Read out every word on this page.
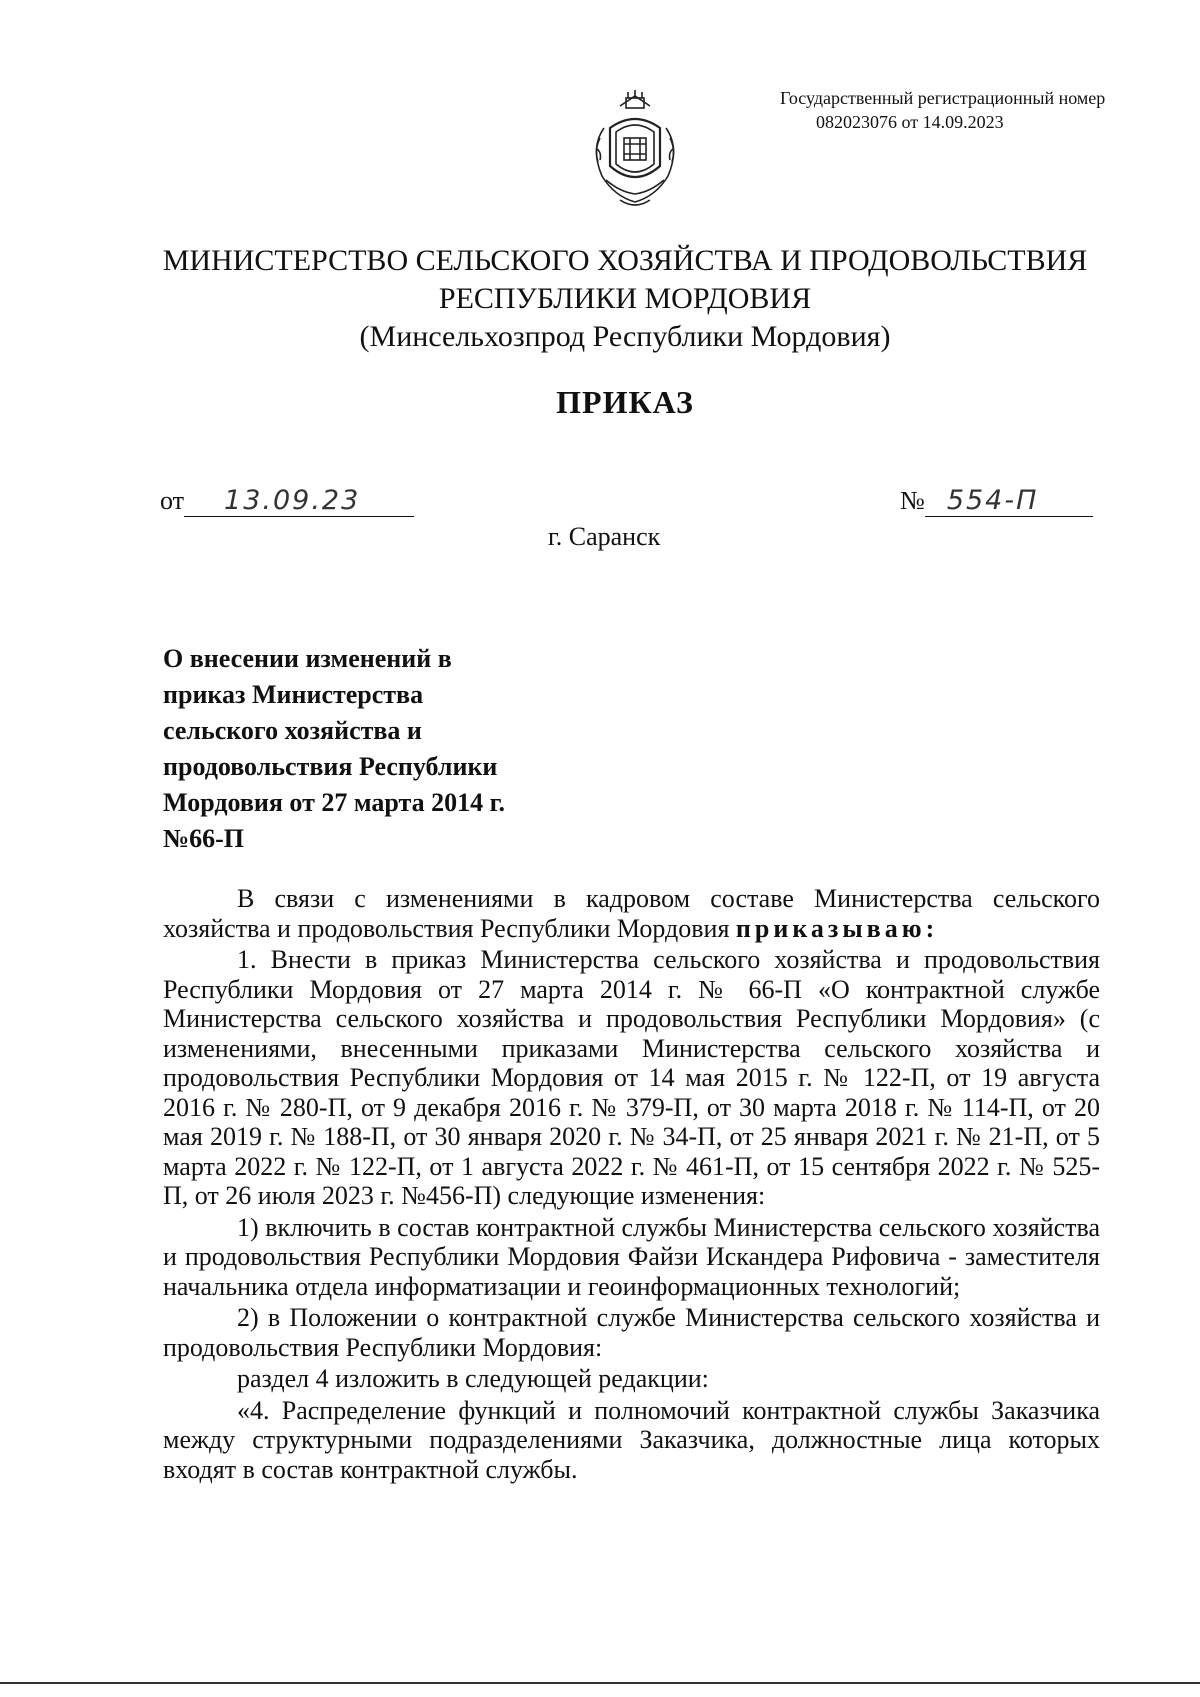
Государственный регистрационный номер
082023076 от 14.09.2023
МИНИСТЕРСТВО СЕЛЬСКОГО ХОЗЯЙСТВА И ПРОДОВОЛЬСТВИЯ
РЕСПУБЛИКИ МОРДОВИЯ
(Минсельхозпрод Республики Мордовия)
ПРИКАЗ
от 13.09.23	№ 554-П
г. Саранск
О внесении изменений в
приказ Министерства
сельского хозяйства и
продовольствия Республики
Мордовия от 27 марта 2014 г.
№66-П

В связи с изменениями в кадровом составе Министерства сельского хозяйства и продовольствия Республики Мордовия приказываю:

1. Внести в приказ Министерства сельского хозяйства и продовольствия Республики Мордовия от 27 марта 2014 г. № 66-П «О контрактной службе Министерства сельского хозяйства и продовольствия Республики Мордовия» (с изменениями, внесенными приказами Министерства сельского хозяйства и продовольствия Республики Мордовия от 14 мая 2015 г. № 122-П, от 19 августа 2016 г. № 280-П, от 9 декабря 2016 г. № 379-П, от 30 марта 2018 г. № 114-П, от 20 мая 2019 г. № 188-П, от 30 января 2020 г. № 34-П, от 25 января 2021 г. № 21-П, от 5 марта 2022 г. № 122-П, от 1 августа 2022 г. № 461-П, от 15 сентября 2022 г. № 525-П, от 26 июля 2023 г. №456-П) следующие изменения:

1) включить в состав контрактной службы Министерства сельского хозяйства и продовольствия Республики Мордовия Файзи Искандера Рифовича - заместителя начальника отдела информатизации и геоинформационных технологий;

2) в Положении о контрактной службе Министерства сельского хозяйства и продовольствия Республики Мордовия:

раздел 4 изложить в следующей редакции:

«4. Распределение функций и полномочий контрактной службы Заказчика между структурными подразделениями Заказчика, должностные лица которых входят в состав контрактной службы.
